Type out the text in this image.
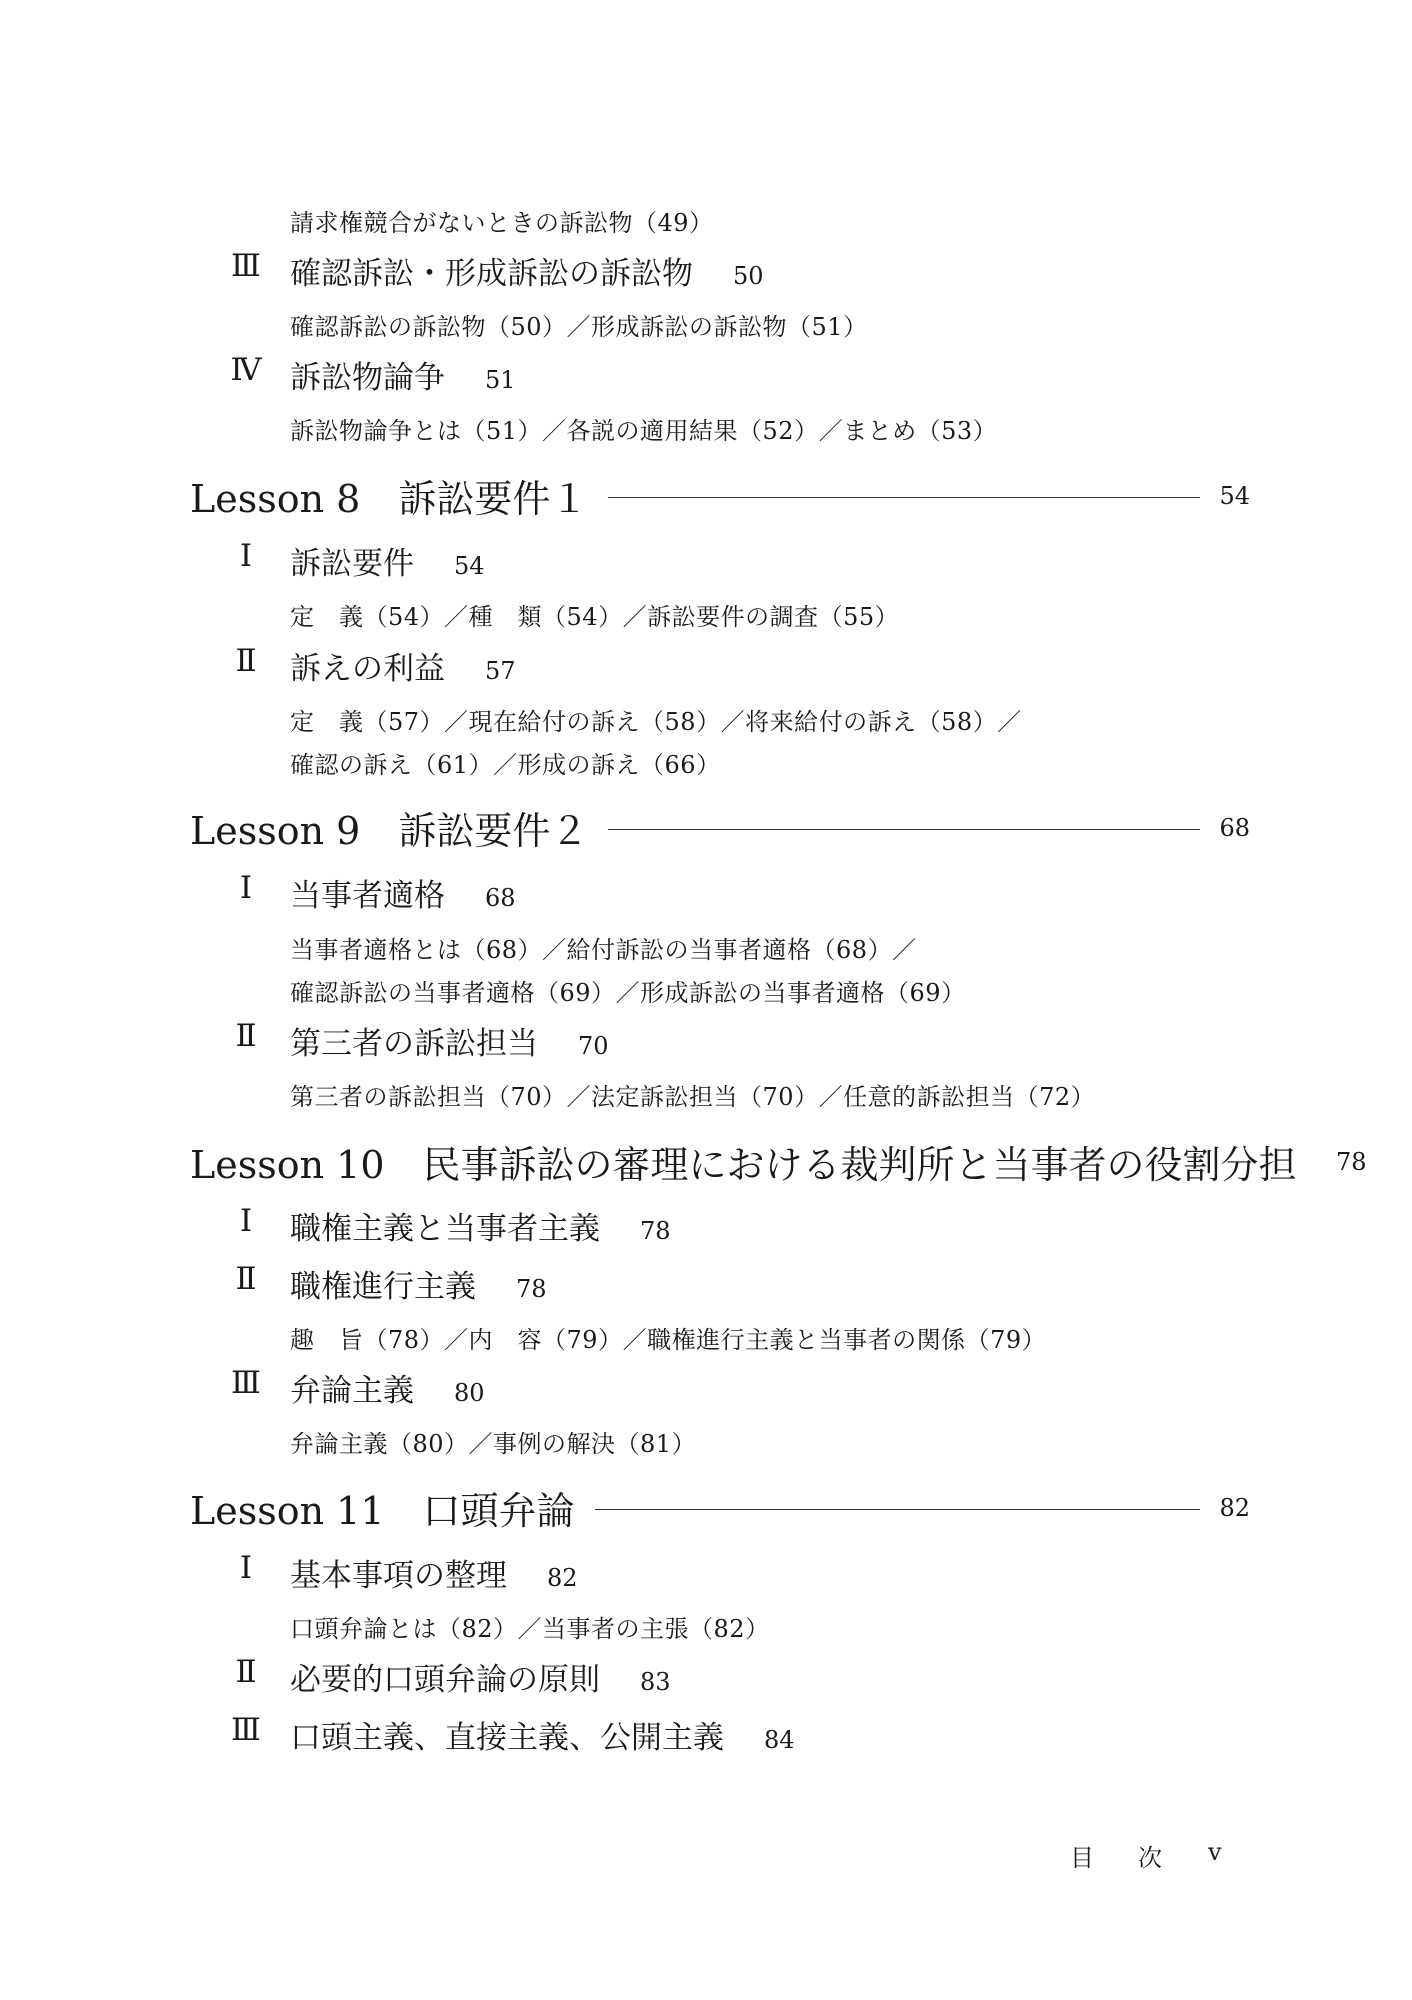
請求権競合がないときの訴訟物（49）
Ⅲ 確認訴訟・形成訴訟の訴訟物 50
確認訴訟の訴訟物（50）／形成訴訟の訴訟物（51）
Ⅳ 訴訟物論争 51
訴訟物論争とは（51）／各説の適用結果（52）／まとめ（53）
Lesson 8　訴訟要件１	54
Ⅰ	訴訟要件 54
定　義（54）／種　類（54）／訴訟要件の調査（55）
Ⅱ	訴えの利益 57
定　義（57）／現在給付の訴え（58）／将来給付の訴え（58）／
確認の訴え（61）／形成の訴え（66）
Lesson 9　訴訟要件２	68
Ⅰ	当事者適格 68
当事者適格とは（68）／給付訴訟の当事者適格（68）／
確認訴訟の当事者適格（69）／形成訴訟の当事者適格（69）
Ⅱ	第三者の訴訟担当 70
第三者の訴訟担当（70）／法定訴訟担当（70）／任意的訴訟担当（72）
Lesson 10　民事訴訟の審理における裁判所と当事者の役割分担	78
Ⅰ	職権主義と当事者主義 78
Ⅱ	職権進行主義 78
趣　旨（78）／内　容（79）／職権進行主義と当事者の関係（79）
Ⅲ 弁論主義 80
弁論主義（80）／事例の解決（81）
Lesson 11　口頭弁論	82
Ⅰ	基本事項の整理 82
口頭弁論とは（82）／当事者の主張（82）
Ⅱ	必要的口頭弁論の原則 83
Ⅲ 口頭主義、直接主義、公開主義 84
目 次 v
